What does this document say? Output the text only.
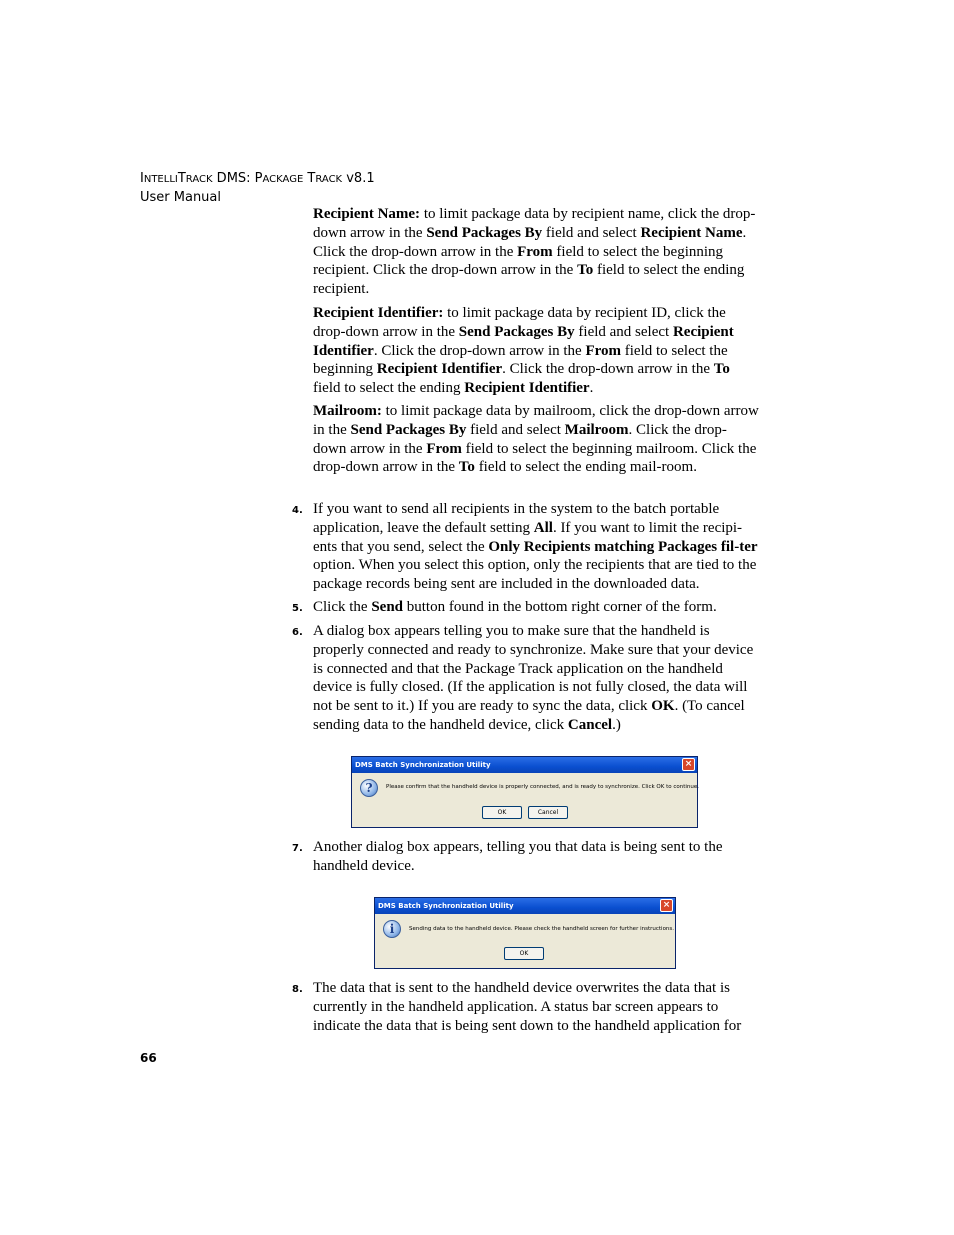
INTELLITRACK DMS: PACKAGE TRACK v8.1
User Manual

Recipient Name: to limit package data by recipient name, click the drop-down arrow in the Send Packages By field and select Recipient Name. Click the drop-down arrow in the From field to select the beginning recipient. Click the drop-down arrow in the To field to select the ending recipient.

Recipient Identifier: to limit package data by recipient ID, click the drop-down arrow in the Send Packages By field and select Recipient Identifier. Click the drop-down arrow in the From field to select the beginning Recipient Identifier. Click the drop-down arrow in the To field to select the ending Recipient Identifier.

Mailroom: to limit package data by mailroom, click the drop-down arrow in the Send Packages By field and select Mailroom. Click the drop-down arrow in the From field to select the beginning mailroom. Click the drop-down arrow in the To field to select the ending mail-room.

4. If you want to send all recipients in the system to the batch portable application, leave the default setting All. If you want to limit the recipi-ents that you send, select the Only Recipients matching Packages fil-ter option. When you select this option, only the recipients that are tied to the package records being sent are included in the downloaded data.

5. Click the Send button found in the bottom right corner of the form.

6. A dialog box appears telling you to make sure that the handheld is properly connected and ready to synchronize. Make sure that your device is connected and that the Package Track application on the handheld device is fully closed. (If the application is not fully closed, the data will not be sent to it.) If you are ready to sync the data, click OK. (To cancel sending data to the handheld device, click Cancel.)

DMS Batch Synchronization Utility	×
?	Please confirm that the handheld device is properly connected, and is ready to synchronize. Click OK to continue.
OK	Cancel
7. Another dialog box appears, telling you that data is being sent to the handheld device.

DMS Batch Synchronization Utility	×
i	Sending data to the handheld device. Please check the handheld screen for further instructions.
OK
8. The data that is sent to the handheld device overwrites the data that is currently in the handheld application. A status bar screen appears to indicate the data that is being sent down to the handheld application for

66
